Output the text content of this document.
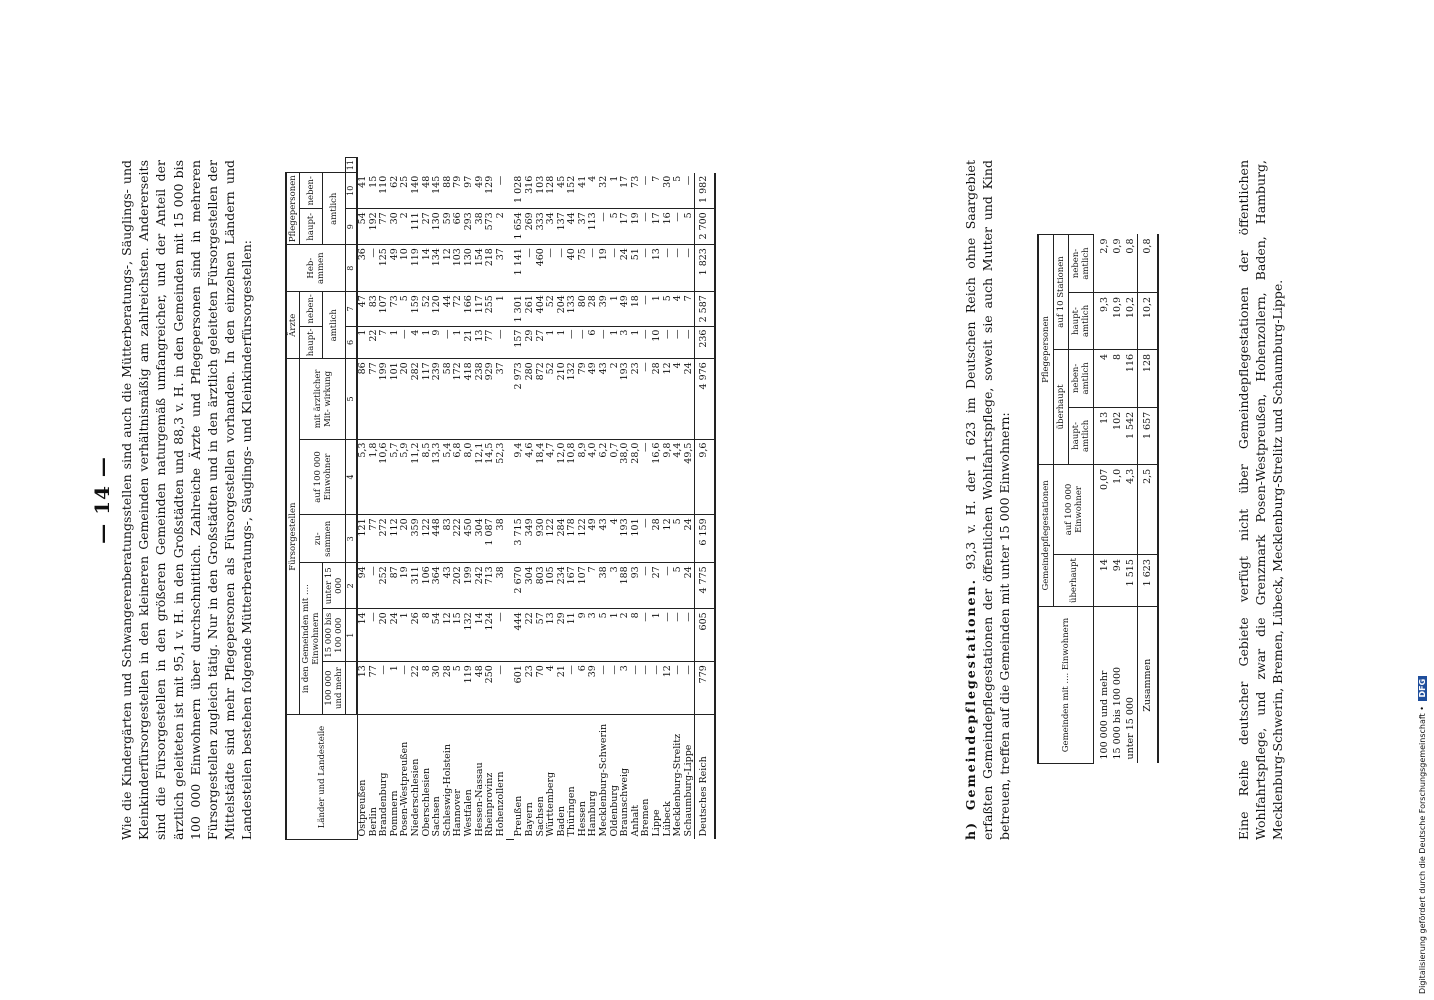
— 14 — Wie die Kindergärten und Schwangerenberatungsstellen sind auch die Mütterberatungs-, Säuglings- und Kleinkinderfürsorgestellen in den kleineren Gemeinden verhältnismäßig am zahlreichsten. Andererseits sind die Fürsorgestellen in den größeren Gemeinden naturgemäß umfangreicher, und der Anteil der ärztlich geleiteten ist mit 95,1 v. H. in den Großstädten und 88,3 v. H. in den Gemeinden mit 15 000 bis 100 000 Einwohnern über durchschnittlich. Zahlreiche Ärzte und Pflegepersonen sind in mehreren Fürsorgestellen zugleich tätig. Nur in den Großstädten und in den ärztlich geleiteten Fürsorgestellen der Mittelstädte sind mehr Pflegepersonen als Fürsorgestellen vorhanden. In den einzelnen Ländern und Landesteilen bestehen folgende Mütterberatungs-, Säuglings- und Kleinkinderfürsorgestellen:	Länder und Landesteile	Fürsorgestellen						Ärzte		Heb- ammen	Pflegepersonen		
	in den Gemeinden mit .... Einwohnern			zu- sammen	auf 100 000 Einwohner	mit ärztlicher Mit- wirkung	haupt-	neben-		haupt-	neben-	
	100 000 und mehr	15 000 bis 100 000	unter 15 000				amtlich			amtlich		
		1	2	3	4	5	6	7	8	9	10	11
Ostpreußen	13	14	94	121	5,3	86	1	47	36	54	41	
Berlin	77	—	—	77	1,8	77	22	83	—	192	15	
Brandenburg	—	20	252	272	10,6	199	7	107	125	77	110	
Pommern	1	24	87	112	5,7	101	1	73	49	30	62	
Posen-Westpreußen	—	1	19	20	5,9	20	—	5	10	2	25	
Niederschlesien	22	26	311	359	11,2	282	4	159	119	111	140	
Oberschlesien	8	8	106	122	8,5	117	1	52	14	27	48	
Sachsen	30	54	364	448	13,3	239	9	120	134	130	145	
Schleswig-Holstein	28	12	43	83	5,4	58	—	44	12	59	88	
Hannover	5	15	202	222	6,8	172	1	72	103	66	79	
Westfalen	119	132	199	450	8,0	418	21	166	130	293	97	
Hessen-Nassau	48	14	242	304	12,1	238	13	117	154	38	49	
Rheinprovinz	250	124	713	1 087	14,5	929	77	255	218	573	129	
Hohenzollern	—	—	38	38	52,3	37	—	1	37	2	—	

Preußen	601	444	2 670	3 715	9,4	2 973	157	1 301	1 141	1 654	1 028	
Bayern	23	22	304	349	4,6	280	29	261	—	269	316	
Sachsen	70	57	803	930	18,4	872	27	404	460	333	103	
Württemberg	4	13	105	122	4,7	52	1	52	—	34	128	
Baden	21	29	234	284	12,0	210	1	204	—	137	45	
Thüringen	—	11	167	178	10,8	132	—	133	40	44	152	
Hessen	6	9	107	122	8,9	79	—	80	75	37	41	
Hamburg	39	3	7	49	4,0	49	6	28	—	113	4	
Mecklenburg-Schwerin	—	5	38	43	6,2	43	—	39	19	—	32	
Oldenburg	—	1	3	4	0,7	2	1	1	—	5	1	
Braunschweig	3	2	188	193	38,0	193	3	49	24	17	17	
Anhalt	—	8	93	101	28,0	23	1	18	51	19	73	
Bremen	—	—	—	—	—	—	—	—	—	—	—	
Lippe	—	1	27	28	16,6	28	10	1	13	17	7	
Lübeck	12	—	—	12	9,8	12	—	5	—	16	30	
Mecklenburg-Strelitz	—	—	5	5	4,4	4	—	4	—	—	5	
Schaumburg-Lippe	—	—	24	24	49,5	24	—	7	—	5	—	
Deutsches Reich	779	605	4 775	6 159	9,6	4 976	236	2 587	1 823	2 700	1 982	
h) Gemeindepflegestationen. 93,3 v. H. der 1 623 im Deutschen Reich ohne Saargebiet erfaßten Gemeindepflegestationen der öffentlichen Wohlfahrtspflege, soweit sie auch Mutter und Kind betreuen, treffen auf die Gemeinden mit unter 15 000 Einwohnern:	Gemeinden mit .... Einwohnern	Gemeindepflegestationen		Pflegepersonen			
	überhaupt	auf 100 000 Einwohner	überhaupt		auf 10 Stationen	
			haupt- amtlich	neben- amtlich	haupt- amtlich	neben- amtlich
100 000 und mehr	14	0,07	13	4	9,3	2,9
15 000 bis 100 000	94	1,0	102	8	10,9	0,9
unter 15 000	1 515	4,3	1 542	116	10,2	0,8
Zusammen	1 623	2,5	1 657	128	10,2	0,8	Eine Reihe deutscher Gebiete verfügt nicht über Gemeindepflegestationen der öffentlichen Wohlfahrtspflege, und zwar die Grenzmark Posen-Westpreußen, Hohenzollern, Baden, Hamburg, Mecklenburg-Schwerin, Bremen, Lübeck, Mecklenburg-Strelitz und Schaumburg-Lippe.
Digitalisierung gefördert durch die Deutsche Forschungsgemeinschaft • DFG
